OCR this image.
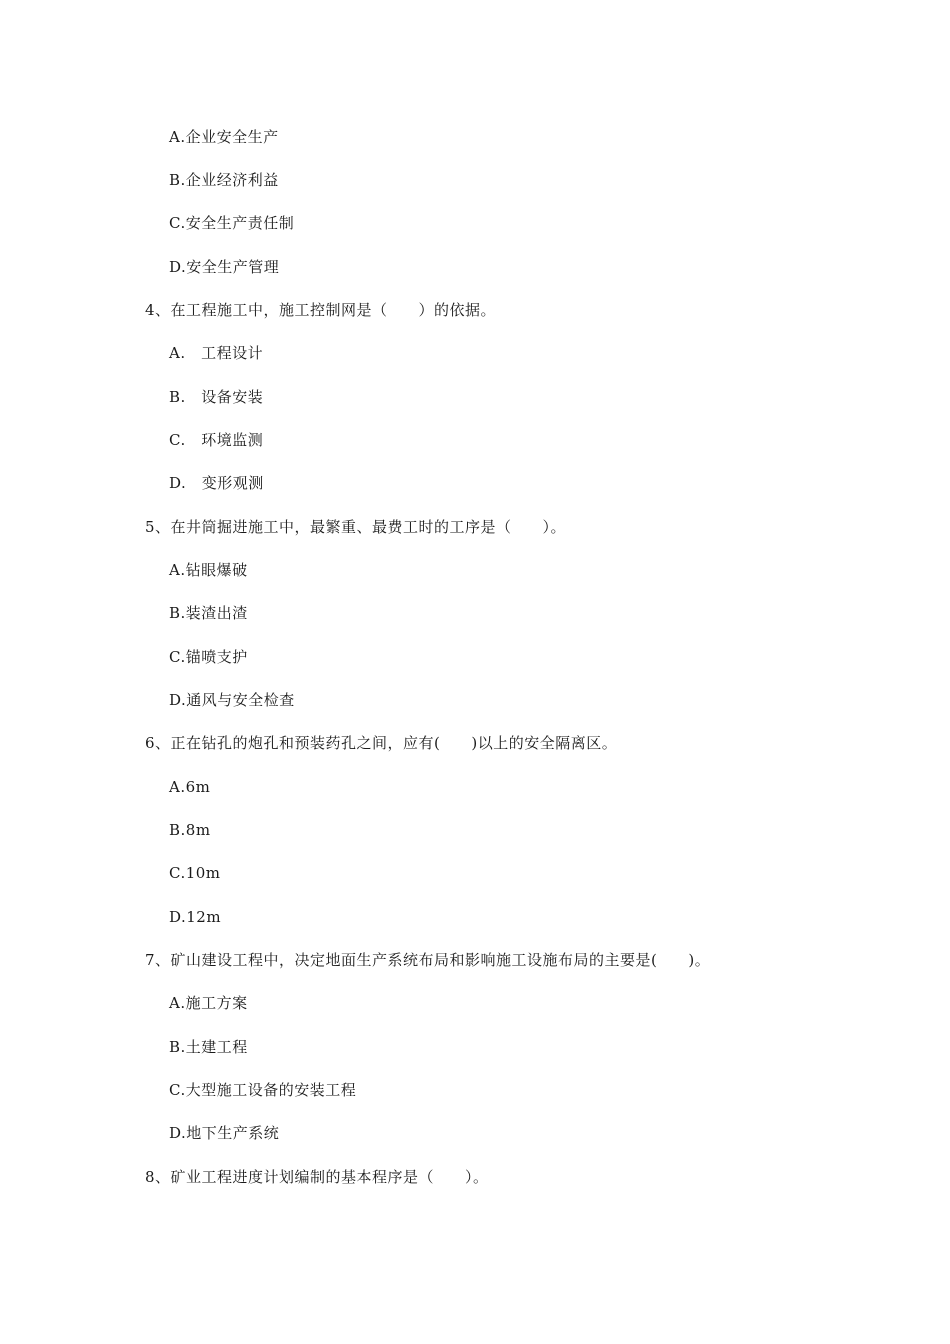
A.企业安全生产
B.企业经济利益
C.安全生产责任制
D.安全生产管理
4、在工程施工中，施工控制网是（　　）的依据。
A.　工程设计
B.　设备安装
C.　环境监测
D.　变形观测
5、在井筒掘进施工中，最繁重、最费工时的工序是（　　）。
A.钻眼爆破
B.装渣出渣
C.锚喷支护
D.通风与安全检查
6、正在钻孔的炮孔和预装药孔之间，应有(　　)以上的安全隔离区。
A.6m
B.8m
C.10m
D.12m
7、矿山建设工程中，决定地面生产系统布局和影响施工设施布局的主要是(　　)。
A.施工方案
B.土建工程
C.大型施工设备的安装工程
D.地下生产系统
8、矿业工程进度计划编制的基本程序是（　　）。
